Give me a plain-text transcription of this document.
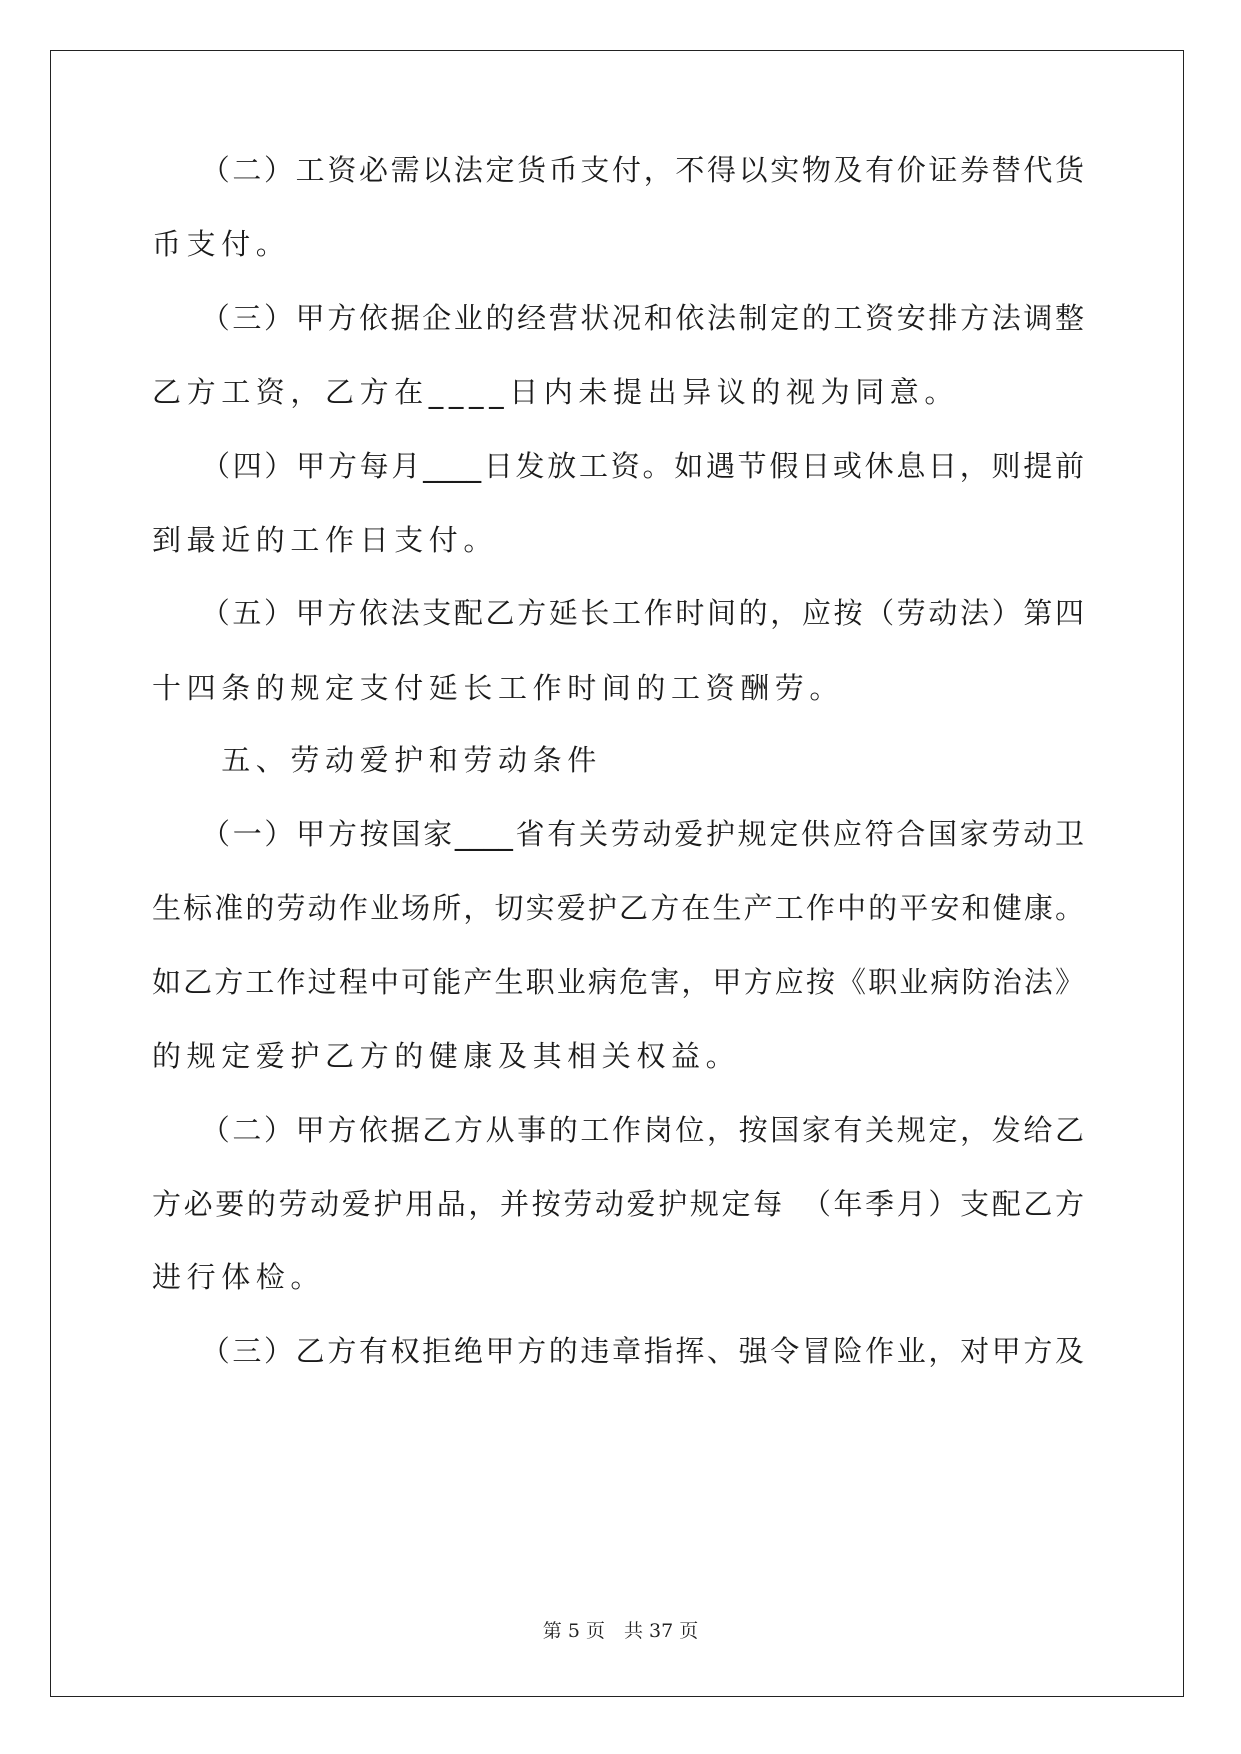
　　（二）工资必需以法定货币支付，不得以实物及有价证券替代货
币支付。
　　（三）甲方依据企业的经营状况和依法制定的工资安排方法调整
乙方工资，乙方在____日内未提出异议的视为同意。
　　（四）甲方每月____日发放工资。如遇节假日或休息日，则提前
到最近的工作日支付。
　　（五）甲方依法支配乙方延长工作时间的，应按（劳动法）第四
十四条的规定支付延长工作时间的工资酬劳。
　　五、劳动爱护和劳动条件
　　（一）甲方按国家____省有关劳动爱护规定供应符合国家劳动卫
生标准的劳动作业场所，切实爱护乙方在生产工作中的平安和健康。
如乙方工作过程中可能产生职业病危害，甲方应按《职业病防治法》
的规定爱护乙方的健康及其相关权益。
　　（二）甲方依据乙方从事的工作岗位，按国家有关规定，发给乙
方必要的劳动爱护用品，并按劳动爱护规定每　（年季月）支配乙方
进行体检。
　　（三）乙方有权拒绝甲方的违章指挥、强令冒险作业，对甲方及
第 5 页　共 37 页
